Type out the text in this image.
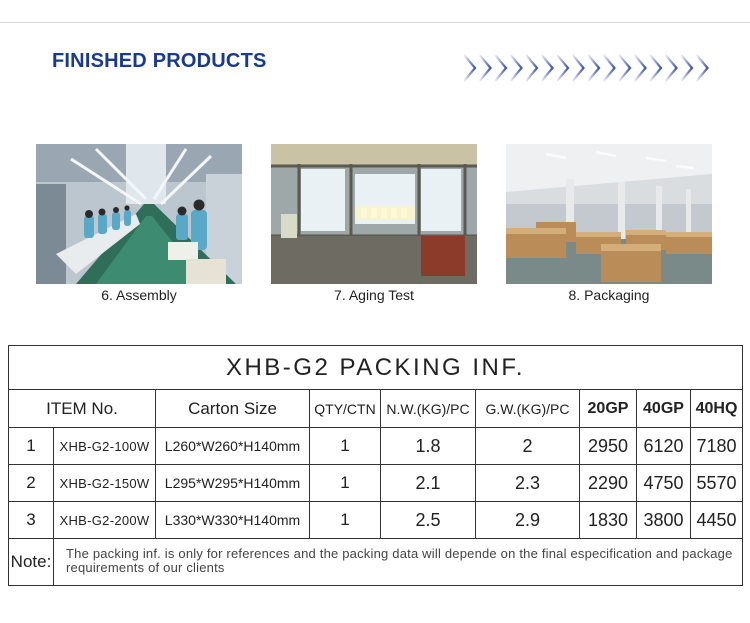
FINISHED PRODUCTS
6. Assembly	7. Aging Test	8. Packaging
XHB-G2 PACKING INF.								
ITEM No.		Carton Size	QTY/CTN	N.W.(KG)/PC	G.W.(KG)/PC	20GP	40GP	40HQ
1	XHB-G2-100W	L260*W260*H140mm	1	1.8	2	2950	6120	7180
2	XHB-G2-150W	L295*W295*H140mm	1	2.1	2.3	2290	4750	5570
3	XHB-G2-200W	L330*W330*H140mm	1	2.5	2.9	1830	3800	4450
Note:	The packing inf. is only for references and the packing data will depende on the final especification and package requirements of our clients							
